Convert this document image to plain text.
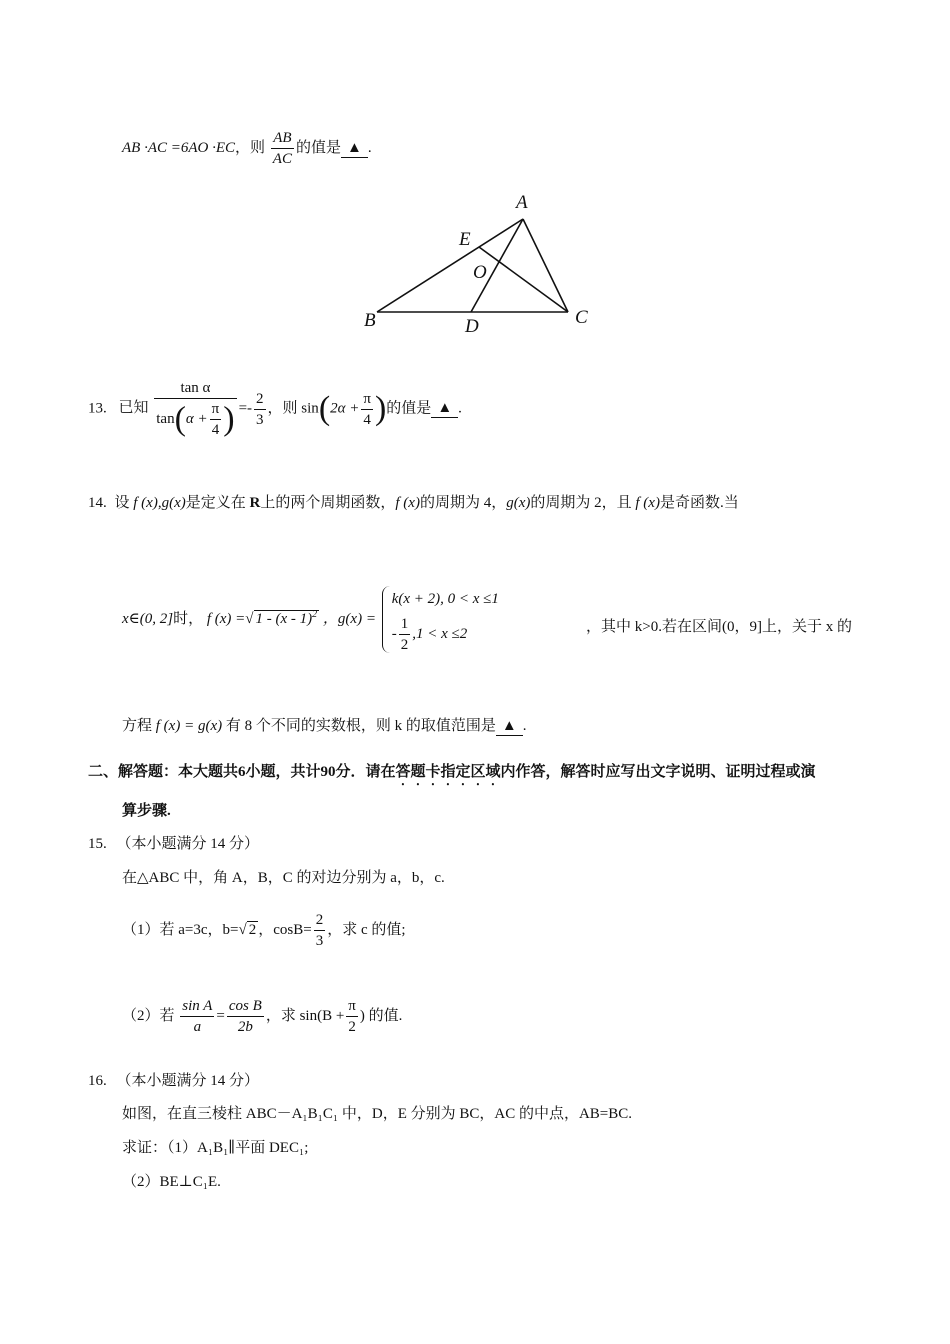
AB ·AC =6AO ·EC，则 $\frac{AB}{AC}$ 的值是 ▲ .
A
E
O
B	D	C
13. 已知 $\frac{\text{tan α}}{\tan(\alpha + \frac{\pi}{4} )} =- \frac{2}{3}$ ，则 $\sin(2\alpha + \frac{\pi}{4}$ )的值是 ▲ .
14. 设 f (x),g(x)是定义在 R上的两个周期函数，f (x)的周期为 4，g(x)的周期为 2，且 f (x)是奇函数.当
x∈(0, 2]时， f (x) =√ 1 - (x - 1)$^2$ ，g(x) =
k(x + 2), 0 < x ≤1
- $\frac{1}{2} ,1 < x \le 2$	，其中 k>0.若在区间(0，9]上，关于 x 的
方程 f (x) = g(x) 有 8 个不同的实数根，则 k 的取值范围是 ▲ .
二、解答题：本大题共6小题，共计90分．请在答题卡指定区域内作答，解答时应写出文字说明、证明过程或演
算步骤.
15. （本小题满分 14 分）
在△ABC 中，角 A，B，C 的对边分别为 a，b，c.
（1）若 a=3c，b=√ 2 ，$\cos B= \frac{2}{3}$ ，求 c 的值;
（2）若 $\frac{\text{sin A}}{a} = \frac{\text{cos B}}{2b}$ ，求 $\sin(B + \frac{\pi}{2}$ ) 的值.
16. （本小题满分 14 分）
如图，在直三棱柱 ABC－A₁B₁C₁ 中，D，E 分别为 BC，AC 的中点，AB=BC.
求证：（1）A₁B₁∥平面 DEC₁;
（2）BE⊥C₁E.
